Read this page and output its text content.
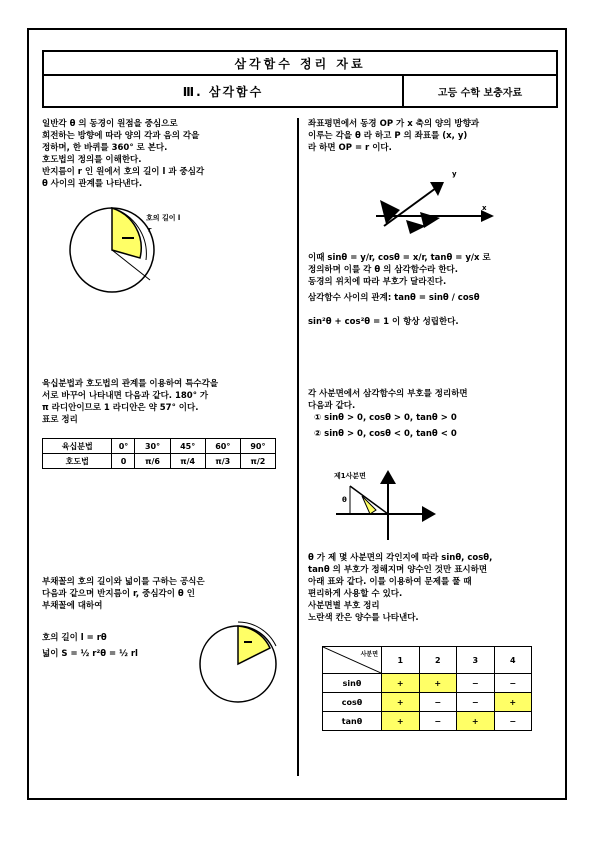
삼각함수 정리 자료
Ⅲ. 삼각함수	고등 수학 보충자료
일반각 θ 의 동경이 원점을 중심으로
회전하는 방향에 따라 양의 각과 음의 각을
정하며, 한 바퀴를 360° 로 본다.
호도법의 정의를 이해한다.
반지름이 r 인 원에서 호의 길이 l 과 중심각
θ 사이의 관계를 나타낸다.
호의 길이 l
r
육십분법과 호도법의 관계를 이용하여 특수각을
서로 바꾸어 나타내면 다음과 같다. 180° 가
π 라디안이므로 1 라디안은 약 57° 이다.
표로 정리
육십분법	0°	30°	45°	60°	90°
호도법	0	π/6	π/4	π/3	π/2
부채꼴의 호의 길이와 넓이를 구하는 공식은
다음과 같으며 반지름이 r, 중심각이 θ 인
부채꼴에 대하여

호의 길이 l = rθ

넓이 S = ½ r²θ = ½ rl

좌표평면에서 동경 OP 가 x 축의 양의 방향과
이루는 각을 θ 라 하고 P 의 좌표를 (x, y)
라 하면 OP = r 이다.
x
y
이때 sinθ = y/r, cosθ = x/r, tanθ = y/x 로
정의하며 이를 각 θ 의 삼각함수라 한다.
동경의 위치에 따라 부호가 달라진다.
삼각함수 사이의 관계: tanθ = sinθ / cosθ
sin²θ + cos²θ = 1 이 항상 성립한다.
각 사분면에서 삼각함수의 부호를 정리하면
다음과 같다.
① sinθ > 0, cosθ > 0, tanθ > 0
② sinθ > 0, cosθ < 0, tanθ < 0
제1사분면
θ
θ 가 제 몇 사분면의 각인지에 따라 sinθ, cosθ,
tanθ 의 부호가 정해지며 양수인 것만 표시하면
아래 표와 같다. 이를 이용하여 문제를 풀 때
편리하게 사용할 수 있다.
사분면별 부호 정리
노란색 칸은 양수를 나타낸다.
사분면	1	2	3	4
sinθ	+	+	−	−
cosθ	+	−	−	+
tanθ	+	−	+	−
